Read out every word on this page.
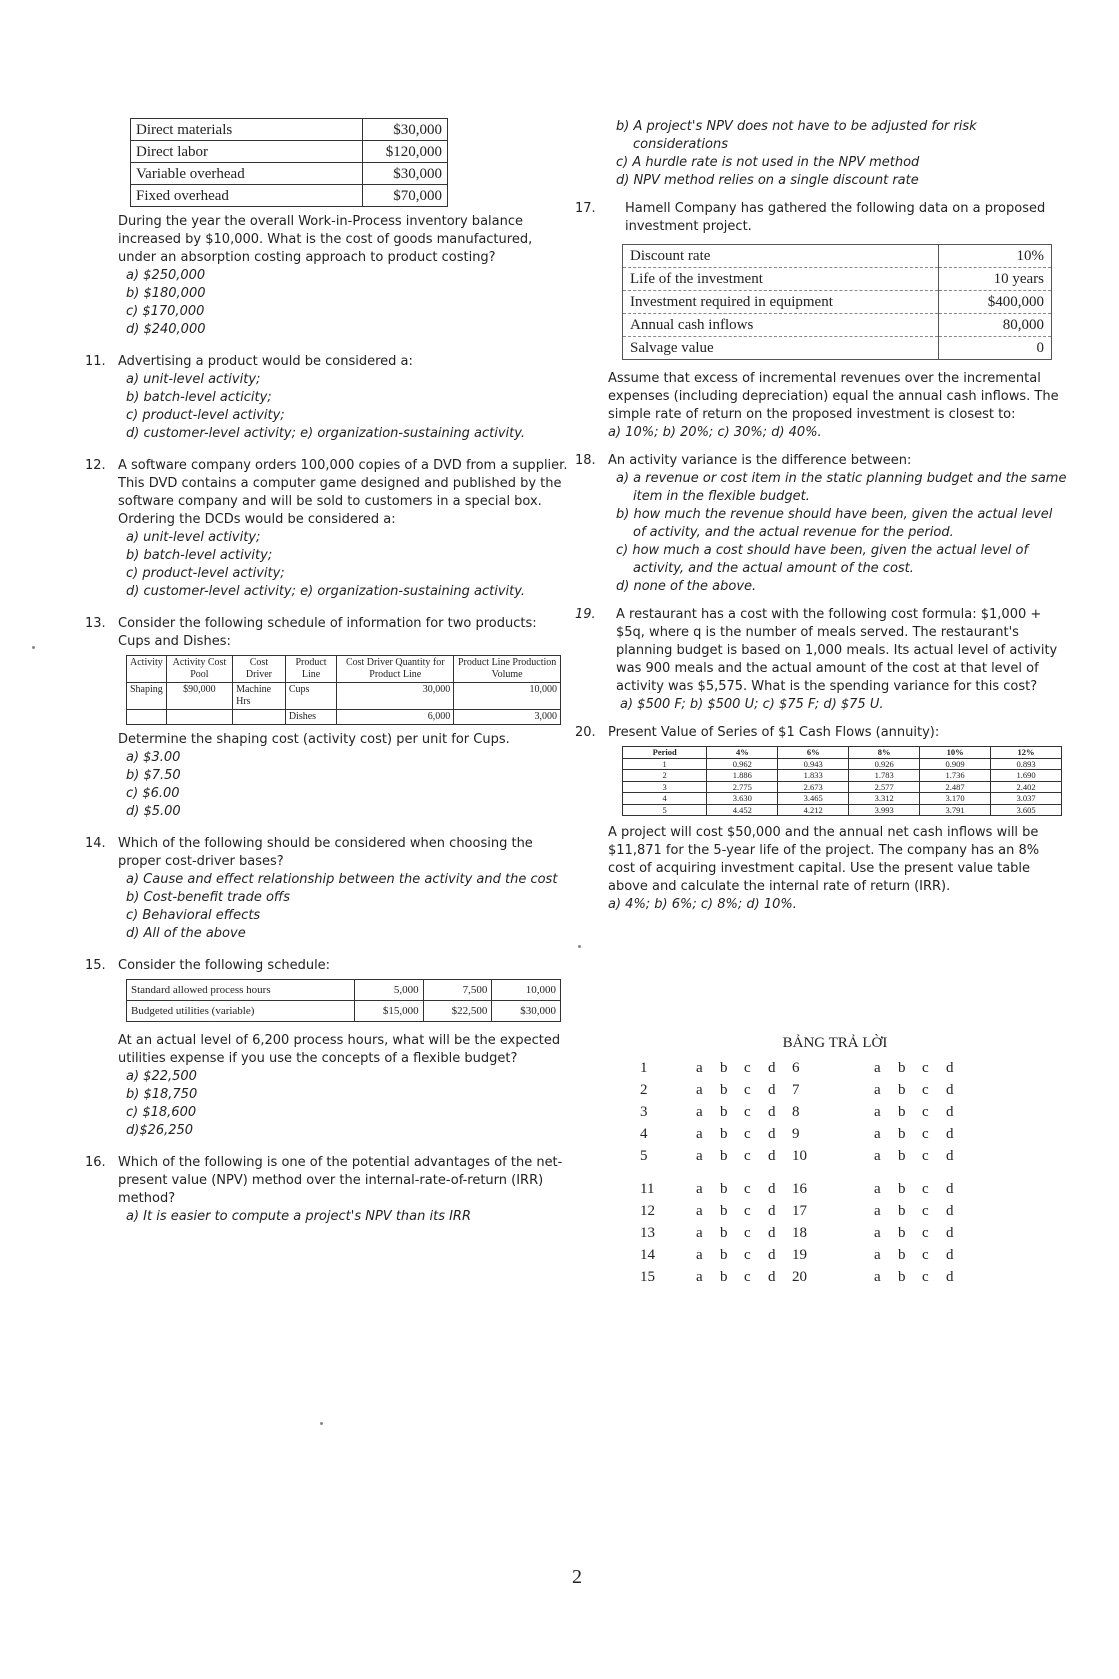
Direct materials	$30,000
Direct labor	$120,000
Variable overhead	$30,000
Fixed overhead	$70,000

During the year the overall Work-in-Process inventory balance increased by $10,000. What is the cost of goods manufactured, under an absorption costing approach to product costing?

a) $250,000
b) $180,000
c) $170,000
d) $240,000
11. Advertising a product would be considered a:

a) unit-level activity;
b) batch-level acticity;
c) product-level activity;
d) customer-level activity; e) organization-sustaining activity.
12. A software company orders 100,000 copies of a DVD from a supplier. This DVD contains a computer game designed and published by the software company and will be sold to customers in a special box. Ordering the DCDs would be considered a:

a) unit-level activity;
b) batch-level activity;
c) product-level activity;
d) customer-level activity; e) organization-sustaining activity.
13. Consider the following schedule of information for two products: Cups and Dishes:

Activity	Activity Cost Pool	Cost Driver	Product Line	Cost Driver Quantity for Product Line	Product Line Production Volume
Shaping	$90,000	Machine Hrs	Cups	30,000	10,000
			Dishes	6,000	3,000

Determine the shaping cost (activity cost) per unit for Cups.

a) $3.00
b) $7.50
c) $6.00
d) $5.00
14. Which of the following should be considered when choosing the proper cost-driver bases?

a) Cause and effect relationship between the activity and the cost
b) Cost-benefit trade offs
c) Behavioral effects
d) All of the above
15. Consider the following schedule:

Standard allowed process hours	5,000	7,500	10,000
Budgeted utilities (variable)	$15,000	$22,500	$30,000

At an actual level of 6,200 process hours, what will be the expected utilities expense if you use the concepts of a flexible budget?

a) $22,500
b) $18,750
c) $18,600
d)$26,250
16. Which of the following is one of the potential advantages of the net-present value (NPV) method over the internal-rate-of-return (IRR) method?

a) It is easier to compute a project's NPV than its IRR
b) A project's NPV does not have to be adjusted for risk considerations
c) A hurdle rate is not used in the NPV method
d) NPV method relies on a single discount rate
17.	Hamell Company has gathered the following data on a proposed investment project.

Discount rate	10%
Life of the investment	10 years
Investment required in equipment	$400,000
Annual cash inflows	80,000
Salvage value	0

Assume that excess of incremental revenues over the incremental expenses (including depreciation) equal the annual cash inflows. The simple rate of return on the proposed investment is closest to:

a) 10%; b) 20%; c) 30%; d) 40%.

18. An activity variance is the difference between:

a) a revenue or cost item in the static planning budget and the same item in the flexible budget.
b) how much the revenue should have been, given the actual level of activity, and the actual revenue for the period.
c) how much a cost should have been, given the actual level of activity, and the actual amount of the cost.
d) none of the above.
19.	A restaurant has a cost with the following cost formula: $1,000 + $5q, where q is the number of meals served. The restaurant's planning budget is based on 1,000 meals. Its actual level of activity was 900 meals and the actual amount of the cost at that level of activity was $5,575. What is the spending variance for this cost?

a) $500 F; b) $500 U; c) $75 F; d) $75 U.

20. Present Value of Series of $1 Cash Flows (annuity):

Period	4%	6%	8%	10%	12%
1	0.962	0.943	0.926	0.909	0.893
2	1.886	1.833	1.783	1.736	1.690
3	2.775	2.673	2.577	2.487	2.402
4	3.630	3.465	3.312	3.170	3.037
5	4.452	4.212	3.993	3.791	3.605

A project will cost $50,000 and the annual net cash inflows will be $11,871 for the 5-year life of the project. The company has an 8% cost of acquiring investment capital. Use the present value table above and calculate the internal rate of return (IRR).

a) 4%; b) 6%; c) 8%; d) 10%.

BẢNG TRẢ LỜI
1	a	b	c	d	6	a	b	c	d
2	a	b	c	d	7	a	b	c	d
3	a	b	c	d	8	a	b	c	d
4	a	b	c	d	9	a	b	c	d
5	a	b	c	d	10	a	b	c	d
11	a	b	c	d	16	a	b	c	d
12	a	b	c	d	17	a	b	c	d
13	a	b	c	d	18	a	b	c	d
14	a	b	c	d	19	a	b	c	d
15	a	b	c	d	20	a	b	c	d
2
